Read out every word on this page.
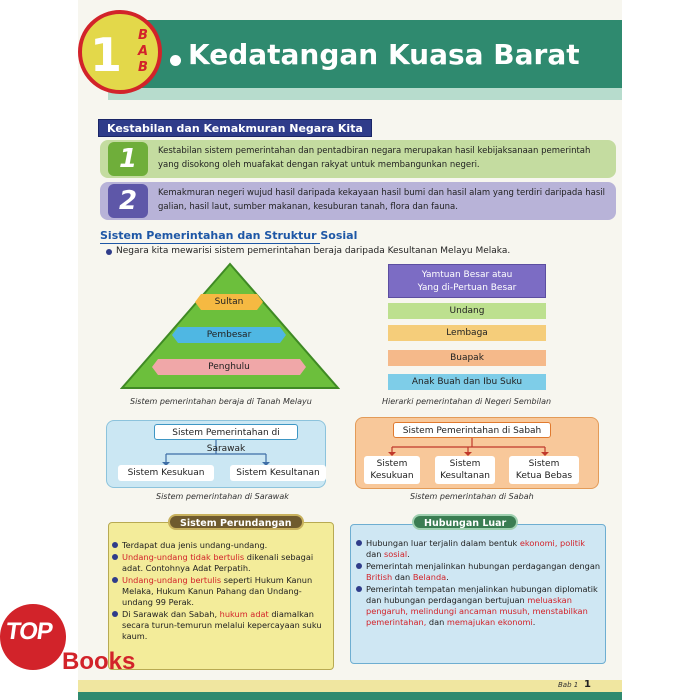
1	B
A
B Kedatangan Kuasa Barat
Kestabilan dan Kemakmuran Negara Kita
1	Kestabilan sistem pemerintahan dan pentadbiran negara merupakan hasil kebijaksanaan pemerintah yang disokong oleh muafakat dengan rakyat untuk membangunkan negeri.
2	Kemakmuran negeri wujud hasil daripada kekayaan hasil bumi dan hasil alam yang terdiri daripada hasil galian, hasil laut, sumber makanan, kesuburan tanah, flora dan fauna.
Sistem Pemerintahan dan Struktur Sosial
Negara kita mewarisi sistem pemerintahan beraja daripada Kesultanan Melayu Melaka.
Sultan
Pembesar
Penghulu
Sistem pemerintahan beraja di Tanah Melayu
Yamtuan Besar atau
Yang di-Pertuan Besar
Undang
Lembaga
Buapak
Anak Buah dan Ibu Suku
Hierarki pemerintahan di Negeri Sembilan
Sistem Pemerintahan di Sarawak
Sistem Kesukuan	Sistem Kesultanan
Sistem pemerintahan di Sarawak
Sistem Pemerintahan di Sabah
Sistem
Kesukuan
Sistem
Kesultanan
Sistem
Ketua Bebas
Sistem pemerintahan di Sabah
Sistem Perundangan

Terdapat dua jenis undang-undang.

Undang-undang tidak bertulis dikenali sebagai adat. Contohnya Adat Perpatih.

Undang-undang bertulis seperti Hukum Kanun Melaka, Hukum Kanun Pahang dan Undang-undang 99 Perak.

Di Sarawak dan Sabah, hukum adat diamalkan secara turun-temurun melalui kepercayaan suku kaum.

Hubungan Luar

Hubungan luar terjalin dalam bentuk ekonomi, politik dan sosial.

Pemerintah menjalinkan hubungan perdagangan dengan British dan Belanda.

Pemerintah tempatan menjalinkan hubungan diplomatik dan hubungan perdagangan bertujuan meluaskan pengaruh, melindungi ancaman musuh, menstabilkan pemerintahan, dan memajukan ekonomi.

Bab 1 1
TOP
Books
